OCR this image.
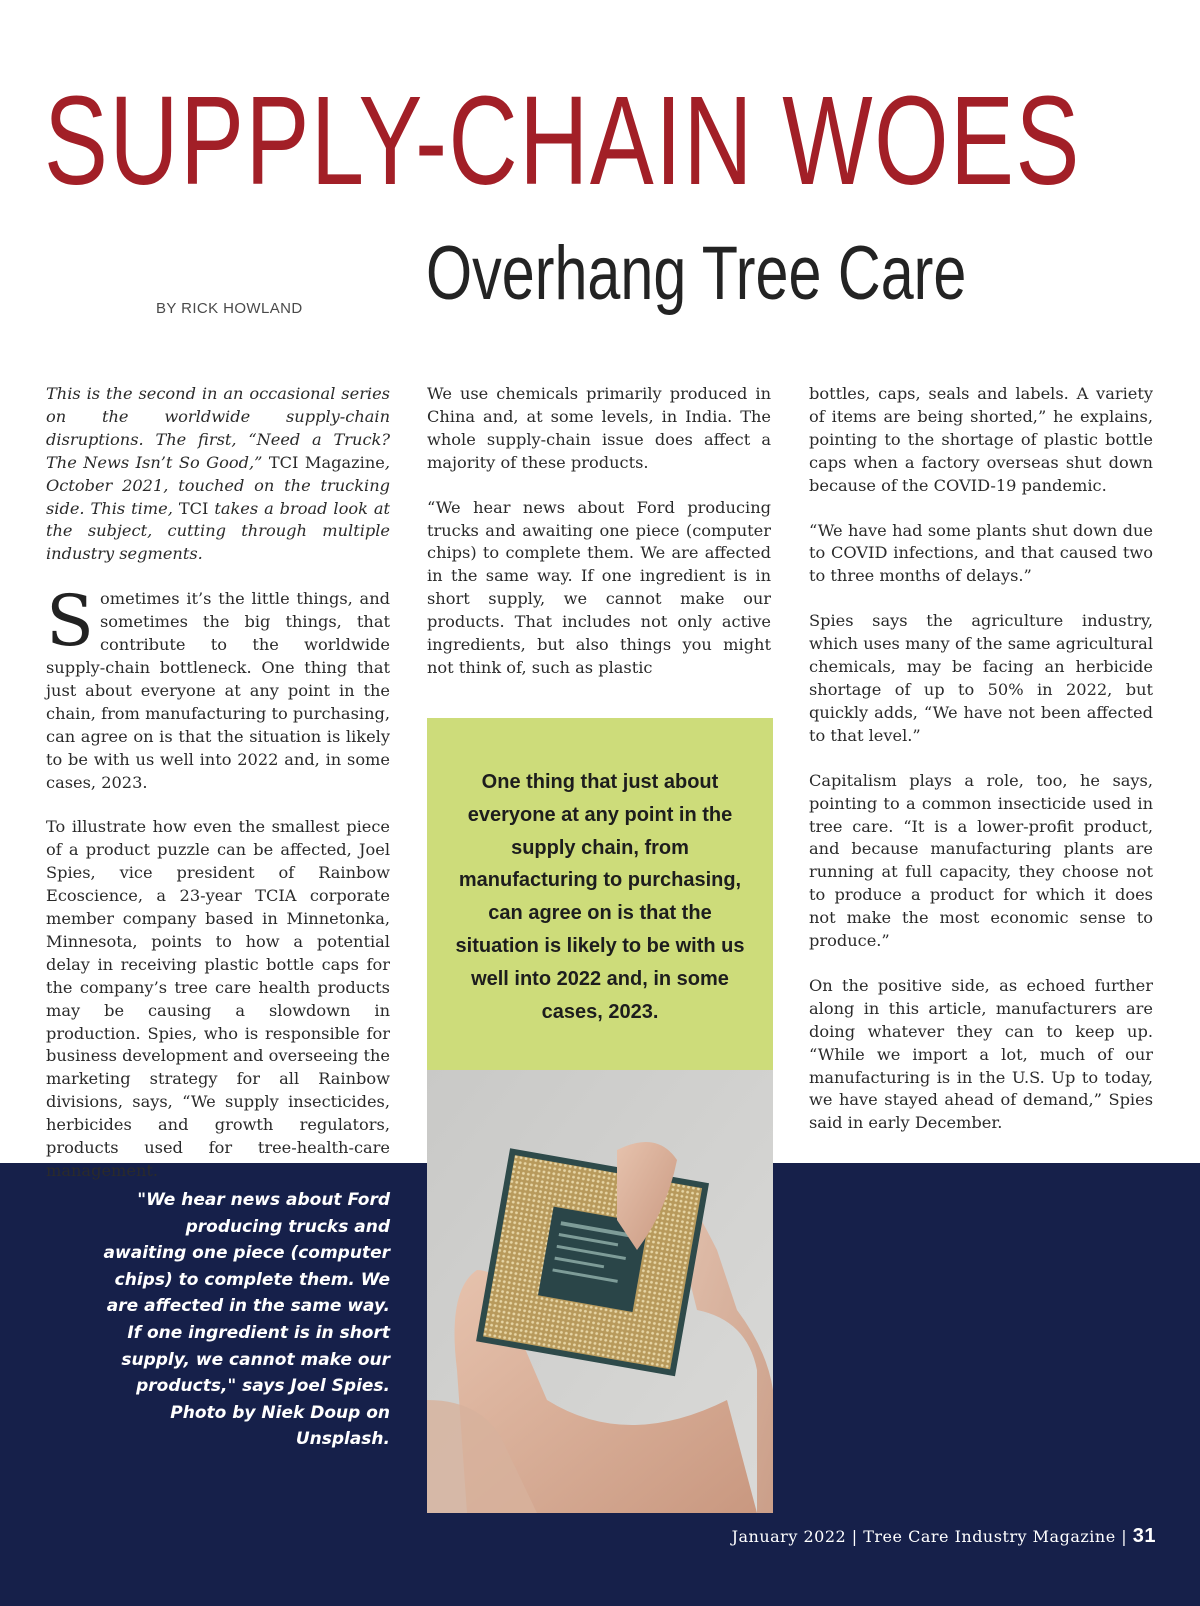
SUPPLY-CHAIN WOES
Overhang Tree Care
BY RICK HOWLAND

This is the second in an occasional series on the worldwide supply-chain disruptions. The first, “Need a Truck? The News Isn’t So Good,” TCI Magazine, October 2021, touched on the trucking side. This time, TCI takes a broad look at the subject, cutting through multiple industry segments.

Sometimes it’s the little things, and sometimes the big things, that contribute to the worldwide supply-chain bottleneck. One thing that just about everyone at any point in the chain, from manufacturing to purchasing, can agree on is that the situation is likely to be with us well into 2022 and, in some cases, 2023.

To illustrate how even the smallest piece of a product puzzle can be affected, Joel Spies, vice president of Rainbow Ecoscience, a 23-year TCIA corporate member company based in Minnetonka, Minnesota, points to how a potential delay in receiving plastic bottle caps for the company’s tree care health products may be causing a slowdown in production. Spies, who is responsible for business development and overseeing the marketing strategy for all Rainbow divisions, says, “We supply insecticides, herbicides and growth regulators, products used for tree-health-care management.

We use chemicals primarily produced in China and, at some levels, in India. The whole supply-chain issue does affect a majority of these products.

“We hear news about Ford producing trucks and awaiting one piece (computer chips) to complete them. We are affected in the same way. If one ingredient is in short supply, we cannot make our products. That includes not only active ingredients, but also things you might not think of, such as plastic

bottles, caps, seals and labels. A variety of items are being shorted,” he explains, pointing to the shortage of plastic bottle caps when a factory overseas shut down because of the COVID-19 pandemic.

“We have had some plants shut down due to COVID infections, and that caused two to three months of delays.”

Spies says the agriculture industry, which uses many of the same agricultural chemicals, may be facing an herbicide shortage of up to 50% in 2022, but quickly adds, “We have not been affected to that level.”

Capitalism plays a role, too, he says, pointing to a common insecticide used in tree care. “It is a lower-profit product, and because manufacturing plants are running at full capacity, they choose not to produce a product for which it does not make the most economic sense to produce.”

On the positive side, as echoed further along in this article, manufacturers are doing whatever they can to keep up. “While we import a lot, much of our manufacturing is in the U.S. Up to today, we have stayed ahead of demand,” Spies said in early December.

One thing that just about everyone at any point in the supply chain, from manufacturing to purchasing, can agree on is that the situation is likely to be with us well into 2022 and, in some cases, 2023.
"We hear news about Ford producing trucks and awaiting one piece (computer chips) to complete them. We are affected in the same way. If one ingredient is in short supply, we cannot make our products," says Joel Spies. Photo by Niek Doup on Unsplash.
January 2022 | Tree Care Industry Magazine | 31
